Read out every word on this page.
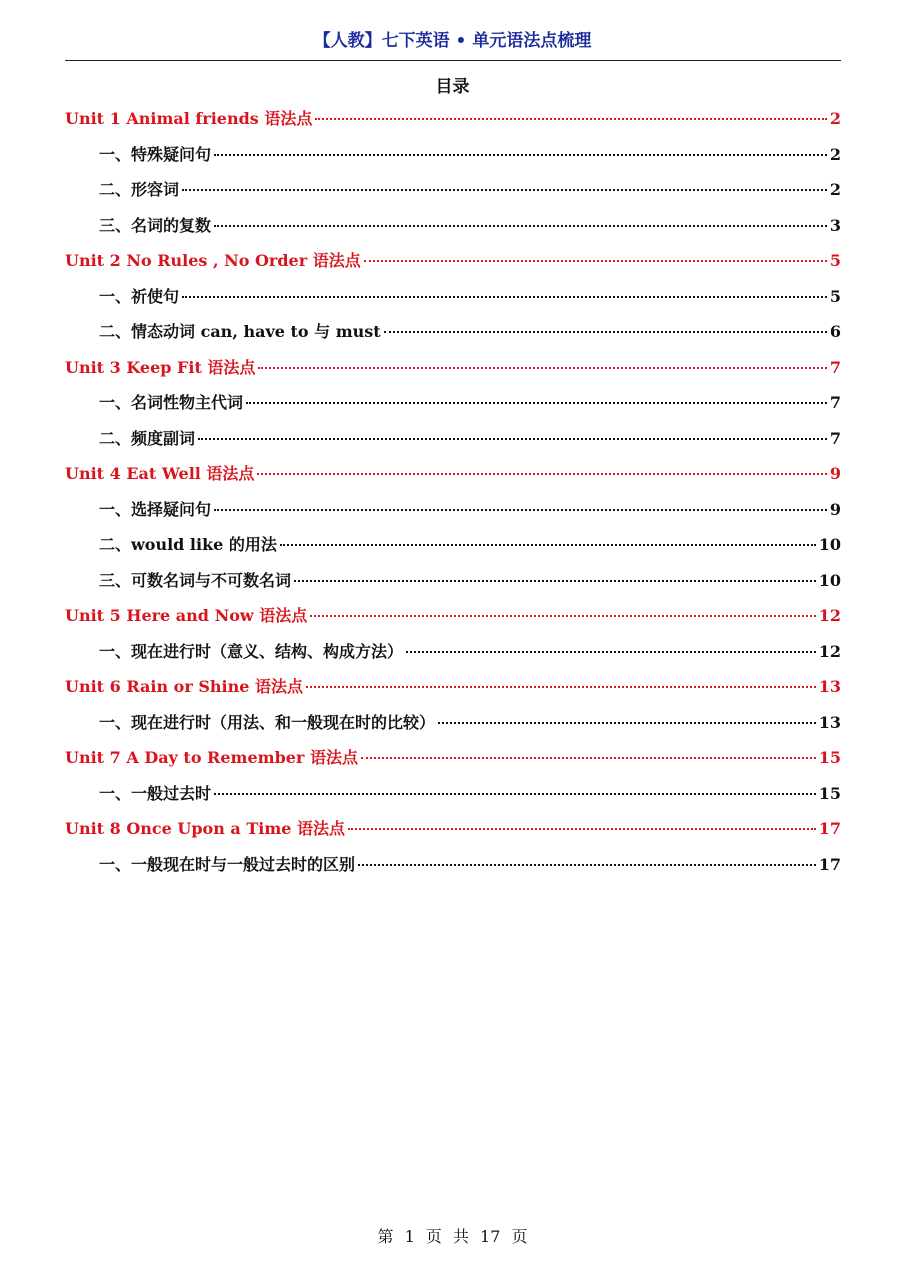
【人教】七下英语 • 单元语法点梳理
目录
Unit 1 Animal friends 语法点	2
一、特殊疑问句	2
二、形容词	2
三、名词的复数	3
Unit 2 No Rules , No Order 语法点	5
一、祈使句	5
二、情态动词 can, have to 与 must	6
Unit 3 Keep Fit 语法点	7
一、名词性物主代词	7
二、频度副词	7
Unit 4 Eat Well 语法点	9
一、选择疑问句	9
二、would like 的用法	10
三、可数名词与不可数名词	10
Unit 5 Here and Now 语法点	12
一、现在进行时（意义、结构、构成方法）	12
Unit 6 Rain or Shine 语法点	13
一、现在进行时（用法、和一般现在时的比较）	13
Unit 7 A Day to Remember 语法点	15
一、一般过去时	15
Unit 8 Once Upon a Time 语法点	17
一、一般现在时与一般过去时的区别	17
第 1 页 共 17 页
